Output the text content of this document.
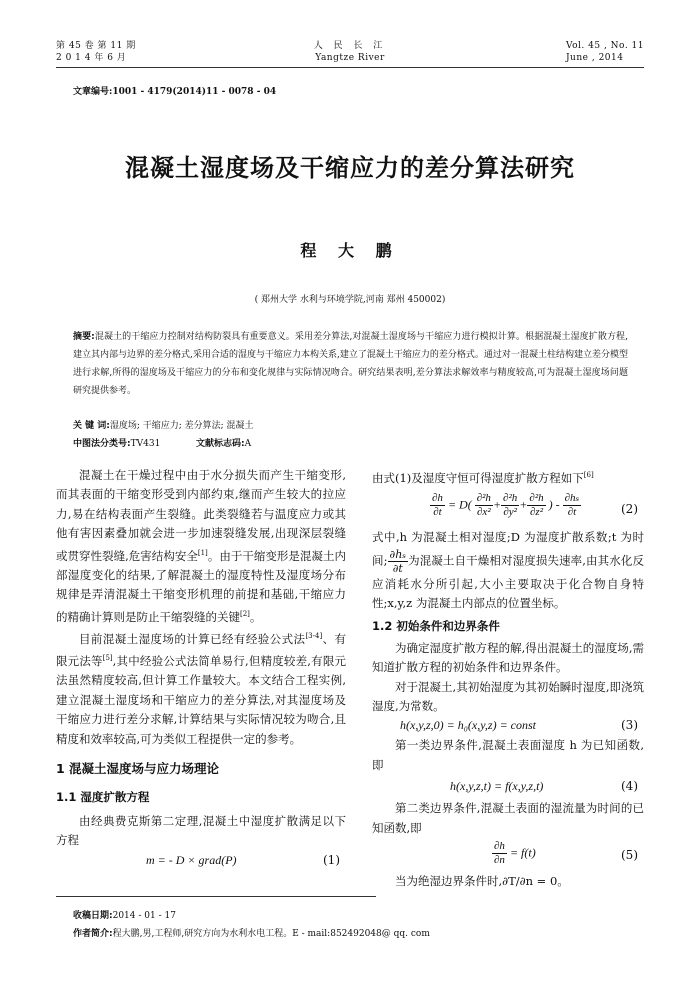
第 45 卷 第 11 期
2 0 1 4 年 6 月
人 民 长 江
Yangtze River
Vol. 45 , No. 11
June , 2014
文章编号:1001 - 4179(2014)11 - 0078 - 04
混凝土湿度场及干缩应力的差分算法研究
程 大 鹏
( 郑州大学 水利与环境学院,河南 郑州 450002)
摘要:混凝土的干缩应力控制对结构防裂具有重要意义。采用差分算法,对混凝土湿度场与干缩应力进行模拟计算。根据混凝土湿度扩散方程,建立其内部与边界的差分格式,采用合适的湿度与干缩应力本构关系,建立了混凝土干缩应力的差分格式。通过对一混凝土柱结构建立差分模型进行求解,所得的湿度场及干缩应力的分布和变化规律与实际情况吻合。研究结果表明,差分算法求解效率与精度较高,可为混凝土湿度场问题研究提供参考。
关 键 词:湿度场; 干缩应力; 差分算法; 混凝土
中图法分类号:TV431	文献标志码:A

混凝土在干燥过程中由于水分损失而产生干缩变形,而其表面的干缩变形受到内部约束,继而产生较大的拉应力,易在结构表面产生裂缝。此类裂缝若与温度应力或其他有害因素叠加就会进一步加速裂缝发展,出现深层裂缝或贯穿性裂缝,危害结构安全[1]。由于干缩变形是混凝土内部湿度变化的结果,了解混凝土的湿度特性及湿度场分布规律是弄清混凝土干缩变形机理的前提和基础,干缩应力的精确计算则是防止干缩裂缝的关键[2]。

目前混凝土湿度场的计算已经有经验公式法[3-4]、有限元法等[5],其中经验公式法简单易行,但精度较差,有限元法虽然精度较高,但计算工作量较大。本文结合工程实例,建立混凝土湿度场和干缩应力的差分算法,对其湿度场及干缩应力进行差分求解,计算结果与实际情况较为吻合,且精度和效率较高,可为类似工程提供一定的参考。

1 混凝土湿度场与应力场理论
1.1 湿度扩散方程

由经典费克斯第二定理,混凝土中湿度扩散满足以下方程

m = - D × grad(P)	(1)
由式(1)及湿度守恒可得湿度扩散方程如下[6]
$\frac{\partial h}{\partial t} = D( \frac{\text{∂²h}}{\text{∂x²}} + \frac{\text{∂²h}}{\text{∂y²}} + \frac{\text{∂²h}}{\text{∂z²}}$ ) - $\frac{\text{∂hₛ}}{\partial t}$	(2)
式中,h 为混凝土相对湿度;D 为湿度扩散系数;t 为时间; $\frac{\text{∂hₛ}}{\partial t}$ 为混凝土自干燥相对湿度损失速率,由其水化反应消耗水分所引起,大小主要取决于化合物自身特性;x,y,z 为混凝土内部点的位置坐标。
1.2 初始条件和边界条件

为确定湿度扩散方程的解,得出混凝土的湿度场,需知道扩散方程的初始条件和边界条件。

对于混凝土,其初始湿度为其初始瞬时湿度,即浇筑湿度,为常数。

h(x,y,z,0) = h₀(x,y,z) = const	(3)

第一类边界条件,混凝土表面湿度 h 为已知函数,即

h(x,y,z,t) = f(x,y,z,t)	(4)

第二类边界条件,混凝土表面的湿流量为时间的已知函数,即

$\frac{\partial h}{\partial n} = f(t)$	(5)

当为绝湿边界条件时,∂T/∂n = 0。

收稿日期:2014 - 01 - 17
作者简介:程大鹏,男,工程师,研究方向为水利水电工程。E - mail:852492048@ qq. com
